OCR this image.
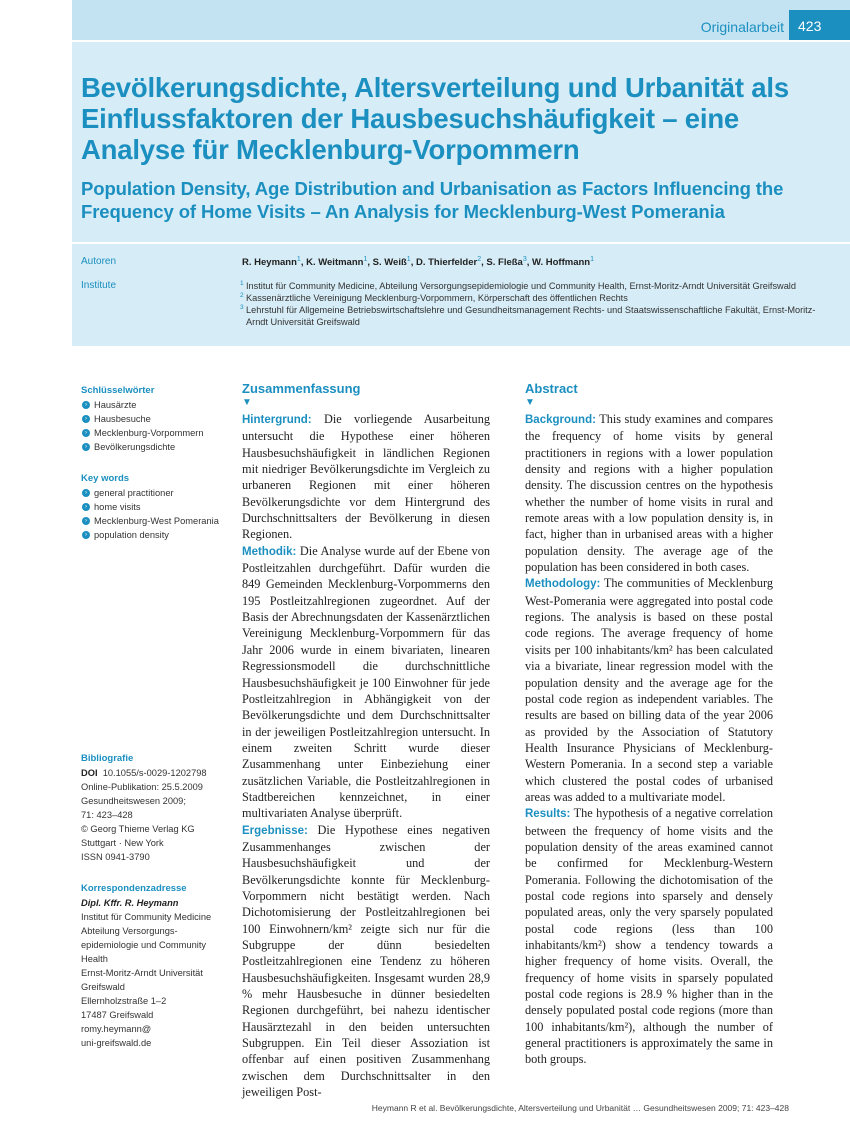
Originalarbeit	423
Bevölkerungsdichte, Altersverteilung und Urbanität als Einflussfaktoren der Hausbesuchshäufigkeit – eine Analyse für Mecklenburg-Vorpommern
Population Density, Age Distribution and Urbanisation as Factors Influencing the Frequency of Home Visits – An Analysis for Mecklenburg-West Pomerania
Autoren	R. Heymann$^1$, K. Weitmann$^1$, S. Weiß$^1$, D. Thierfelder$^2$, S. Fleßa$^3$, W. Hoffmann$^1$
Institute	1 Institut für Community Medicine, Abteilung Versorgungsepidemiologie und Community Health, Ernst-Moritz-Arndt Universität Greifswald
2 Kassenärztliche Vereinigung Mecklenburg-Vorpommern, Körperschaft des öffentlichen Rechts
3 Lehrstuhl für Allgemeine Betriebswirtschaftslehre und Gesundheitsmanagement Rechts- und Staatswissenschaftliche Fakultät, Ernst-Moritz-Arndt Universität Greifswald
Schlüsselwörter
› Hausärzte
› Hausbesuche
› Mecklenburg-Vorpommern
› Bevölkerungsdichte
Key words
› general practitioner
› home visits
› Mecklenburg-West Pomerania
› population density
Bibliografie
DOI 10.1055/s-0029-1202798
Online-Publikation: 25.5.2009
Gesundheitswesen 2009;
71: 423–428
© Georg Thieme Verlag KG
Stuttgart · New York
ISSN 0941-3790
Korrespondenzadresse
Dipl. Kffr. R. Heymann
Institut für Community Medicine
Abteilung Versorgungs-epidemiologie und Community Health
Ernst-Moritz-Arndt Universität Greifswald
Ellernholzstraße 1–2
17487 Greifswald
romy.heymann@
uni-greifswald.de
Zusammenfassung
▼

Hintergrund: Die vorliegende Ausarbeitung untersucht die Hypothese einer höheren Hausbesuchshäufigkeit in ländlichen Regionen mit niedriger Bevölkerungsdichte im Vergleich zu urbaneren Regionen mit einer höheren Bevölkerungsdichte vor dem Hintergrund des Durchschnittsalters der Bevölkerung in diesen Regionen.

Methodik: Die Analyse wurde auf der Ebene von Postleitzahlen durchgeführt. Dafür wurden die 849 Gemeinden Mecklenburg-Vorpommerns den 195 Postleitzahlregionen zugeordnet. Auf der Basis der Abrechnungsdaten der Kassenärztlichen Vereinigung Mecklenburg-Vorpommern für das Jahr 2006 wurde in einem bivariaten, linearen Regressionsmodell die durchschnittliche Hausbesuchshäufigkeit je 100 Einwohner für jede Postleitzahlregion in Abhängigkeit von der Bevölkerungsdichte und dem Durchschnittsalter in der jeweiligen Postleitzahlregion untersucht. In einem zweiten Schritt wurde dieser Zusammenhang unter Einbeziehung einer zusätzlichen Variable, die Postleitzahlregionen in Stadtbereichen kennzeichnet, in einer multivariaten Analyse überprüft.

Ergebnisse: Die Hypothese eines negativen Zusammenhanges zwischen der Hausbesuchshäufigkeit und der Bevölkerungsdichte konnte für Mecklenburg-Vorpommern nicht bestätigt werden. Nach Dichotomisierung der Postleitzahlregionen bei 100 Einwohnern/km² zeigte sich nur für die Subgruppe der dünn besiedelten Postleitzahlregionen eine Tendenz zu höheren Hausbesuchshäufigkeiten. Insgesamt wurden 28,9 % mehr Hausbesuche in dünner besiedelten Regionen durchgeführt, bei nahezu identischer Hausärztezahl in den beiden untersuchten Subgruppen. Ein Teil dieser Assoziation ist offenbar auf einen positiven Zusammenhang zwischen dem Durchschnittsalter in den jeweiligen Post-

Abstract
▼

Background: This study examines and compares the frequency of home visits by general practitioners in regions with a lower population density and regions with a higher population density. The discussion centres on the hypothesis whether the number of home visits in rural and remote areas with a low population density is, in fact, higher than in urbanised areas with a higher population density. The average age of the population has been considered in both cases.

Methodology: The communities of Mecklenburg West-Pomerania were aggregated into postal code regions. The analysis is based on these postal code regions. The average frequency of home visits per 100 inhabitants/km² has been calculated via a bivariate, linear regression model with the population density and the average age for the postal code region as independent variables. The results are based on billing data of the year 2006 as provided by the Association of Statutory Health Insurance Physicians of Mecklenburg-Western Pomerania. In a second step a variable which clustered the postal codes of urbanised areas was added to a multivariate model.

Results: The hypothesis of a negative correlation between the frequency of home visits and the population density of the areas examined cannot be confirmed for Mecklenburg-Western Pomerania. Following the dichotomisation of the postal code regions into sparsely and densely populated areas, only the very sparsely populated postal code regions (less than 100 inhabitants/km²) show a tendency towards a higher frequency of home visits. Overall, the frequency of home visits in sparsely populated postal code regions is 28.9 % higher than in the densely populated postal code regions (more than 100 inhabitants/km²), although the number of general practitioners is approximately the same in both groups.

Heymann R et al. Bevölkerungsdichte, Altersverteilung und Urbanität … Gesundheitswesen 2009; 71: 423–428
